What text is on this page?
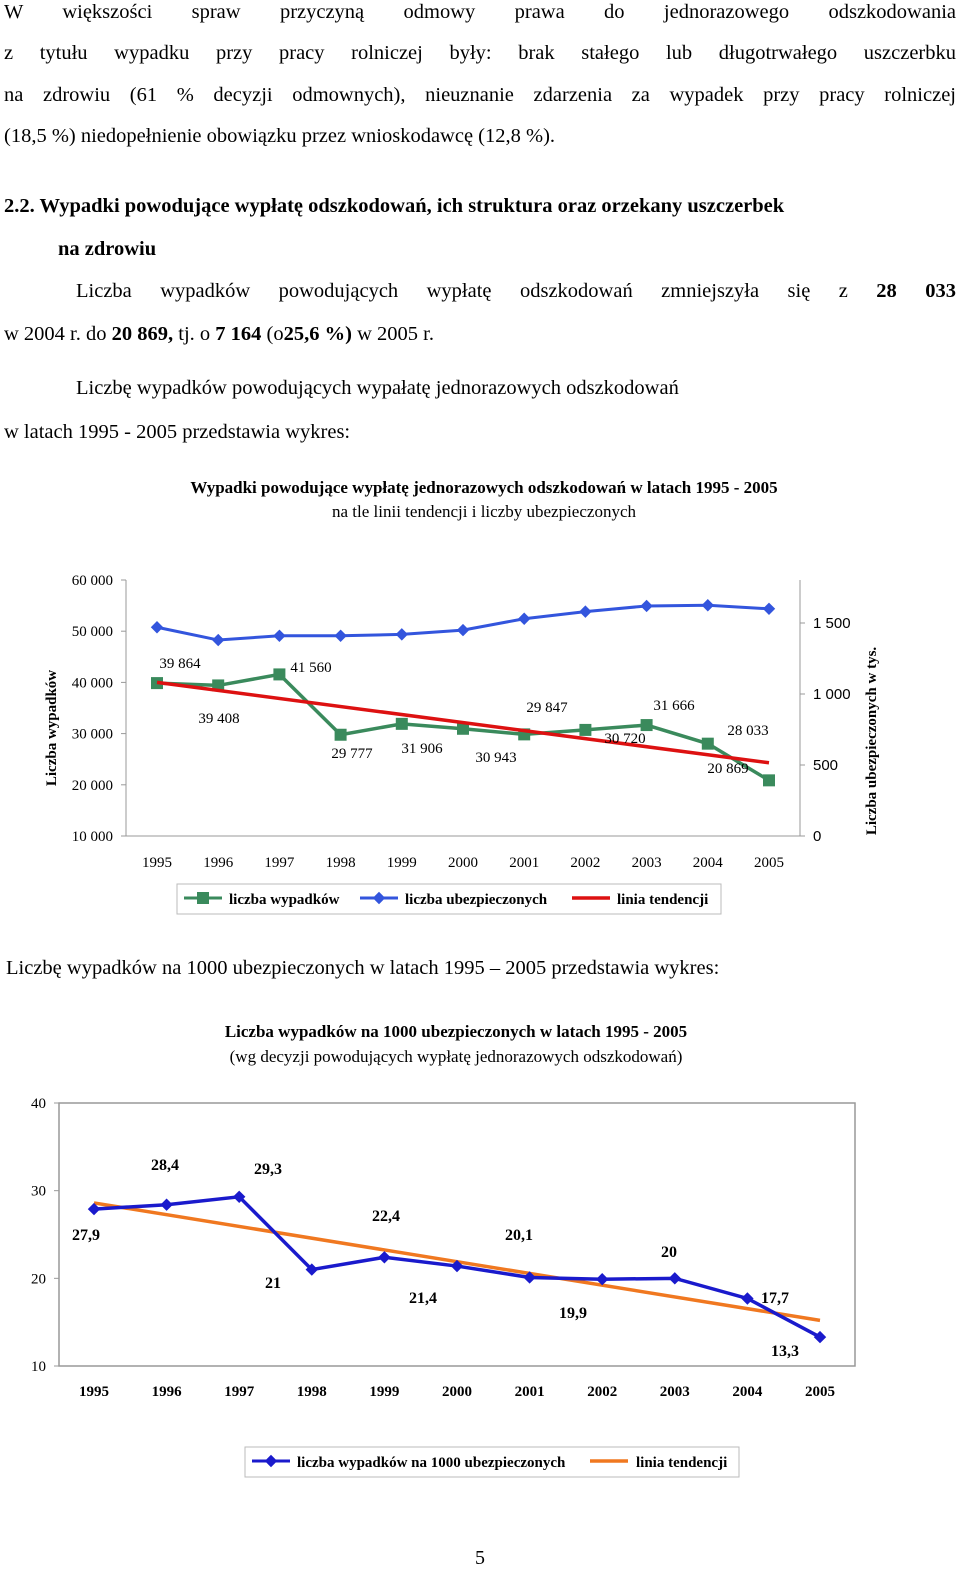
W większości spraw przyczyną odmowy prawa do jednorazowego odszkodowania
z tytułu wypadku przy pracy rolniczej były: brak stałego lub długotrwałego uszczerbku
na zdrowiu (61 % decyzji odmownych), nieuznanie zdarzenia za wypadek przy pracy rolniczej
(18,5 %) niedopełnienie obowiązku przez wnioskodawcę (12,8 %).
2.2. Wypadki powodujące wypłatę odszkodowań, ich struktura oraz orzekany uszczerbek
na zdrowiu
Liczba wypadków powodujących wypłatę odszkodowań zmniejszyła się z 28 033
w 2004 r. do 20 869, tj. o 7 164 (o25,6 %) w 2005 r.
Liczbę wypadków powodujących wypałatę jednorazowych odszkodowań
w latach 1995 - 2005 przedstawia wykres:
Wypadki powodujące wypłatę jednorazowych odszkodowań w latach 1995 - 2005
na tle linii tendencji i liczby ubezpieczonych
10 000
20 000
30 000
40 000
50 000
60 000
0
500
1 000
1 500
1995 1996 1997 1998 1999 2000 2001 2002 2003 2004 2005
Liczba wypadków	Liczba ubezpieczonych w tys.
39 864
39 408
41 560
29 777 31 906
30 943
29 847
30 720
31 666
28 033
20 869
liczba wypadków	liczba ubezpieczonych	linia tendencji
Liczbę wypadków na 1000 ubezpieczonych w latach 1995 – 2005 przedstawia wykres:
Liczba wypadków na 1000 ubezpieczonych w latach 1995 - 2005
(wg decyzji powodujących wypłatę jednorazowych odszkodowań)
10
20
30
40
1995	1996	1997	1998	1999	2000	2001	2002	2003	2004	2005
27,9
28,4	29,3
21
22,4
21,4
20,1
19,9
20
17,7
13,3
liczba wypadków na 1000 ubezpieczonych	linia tendencji
5
